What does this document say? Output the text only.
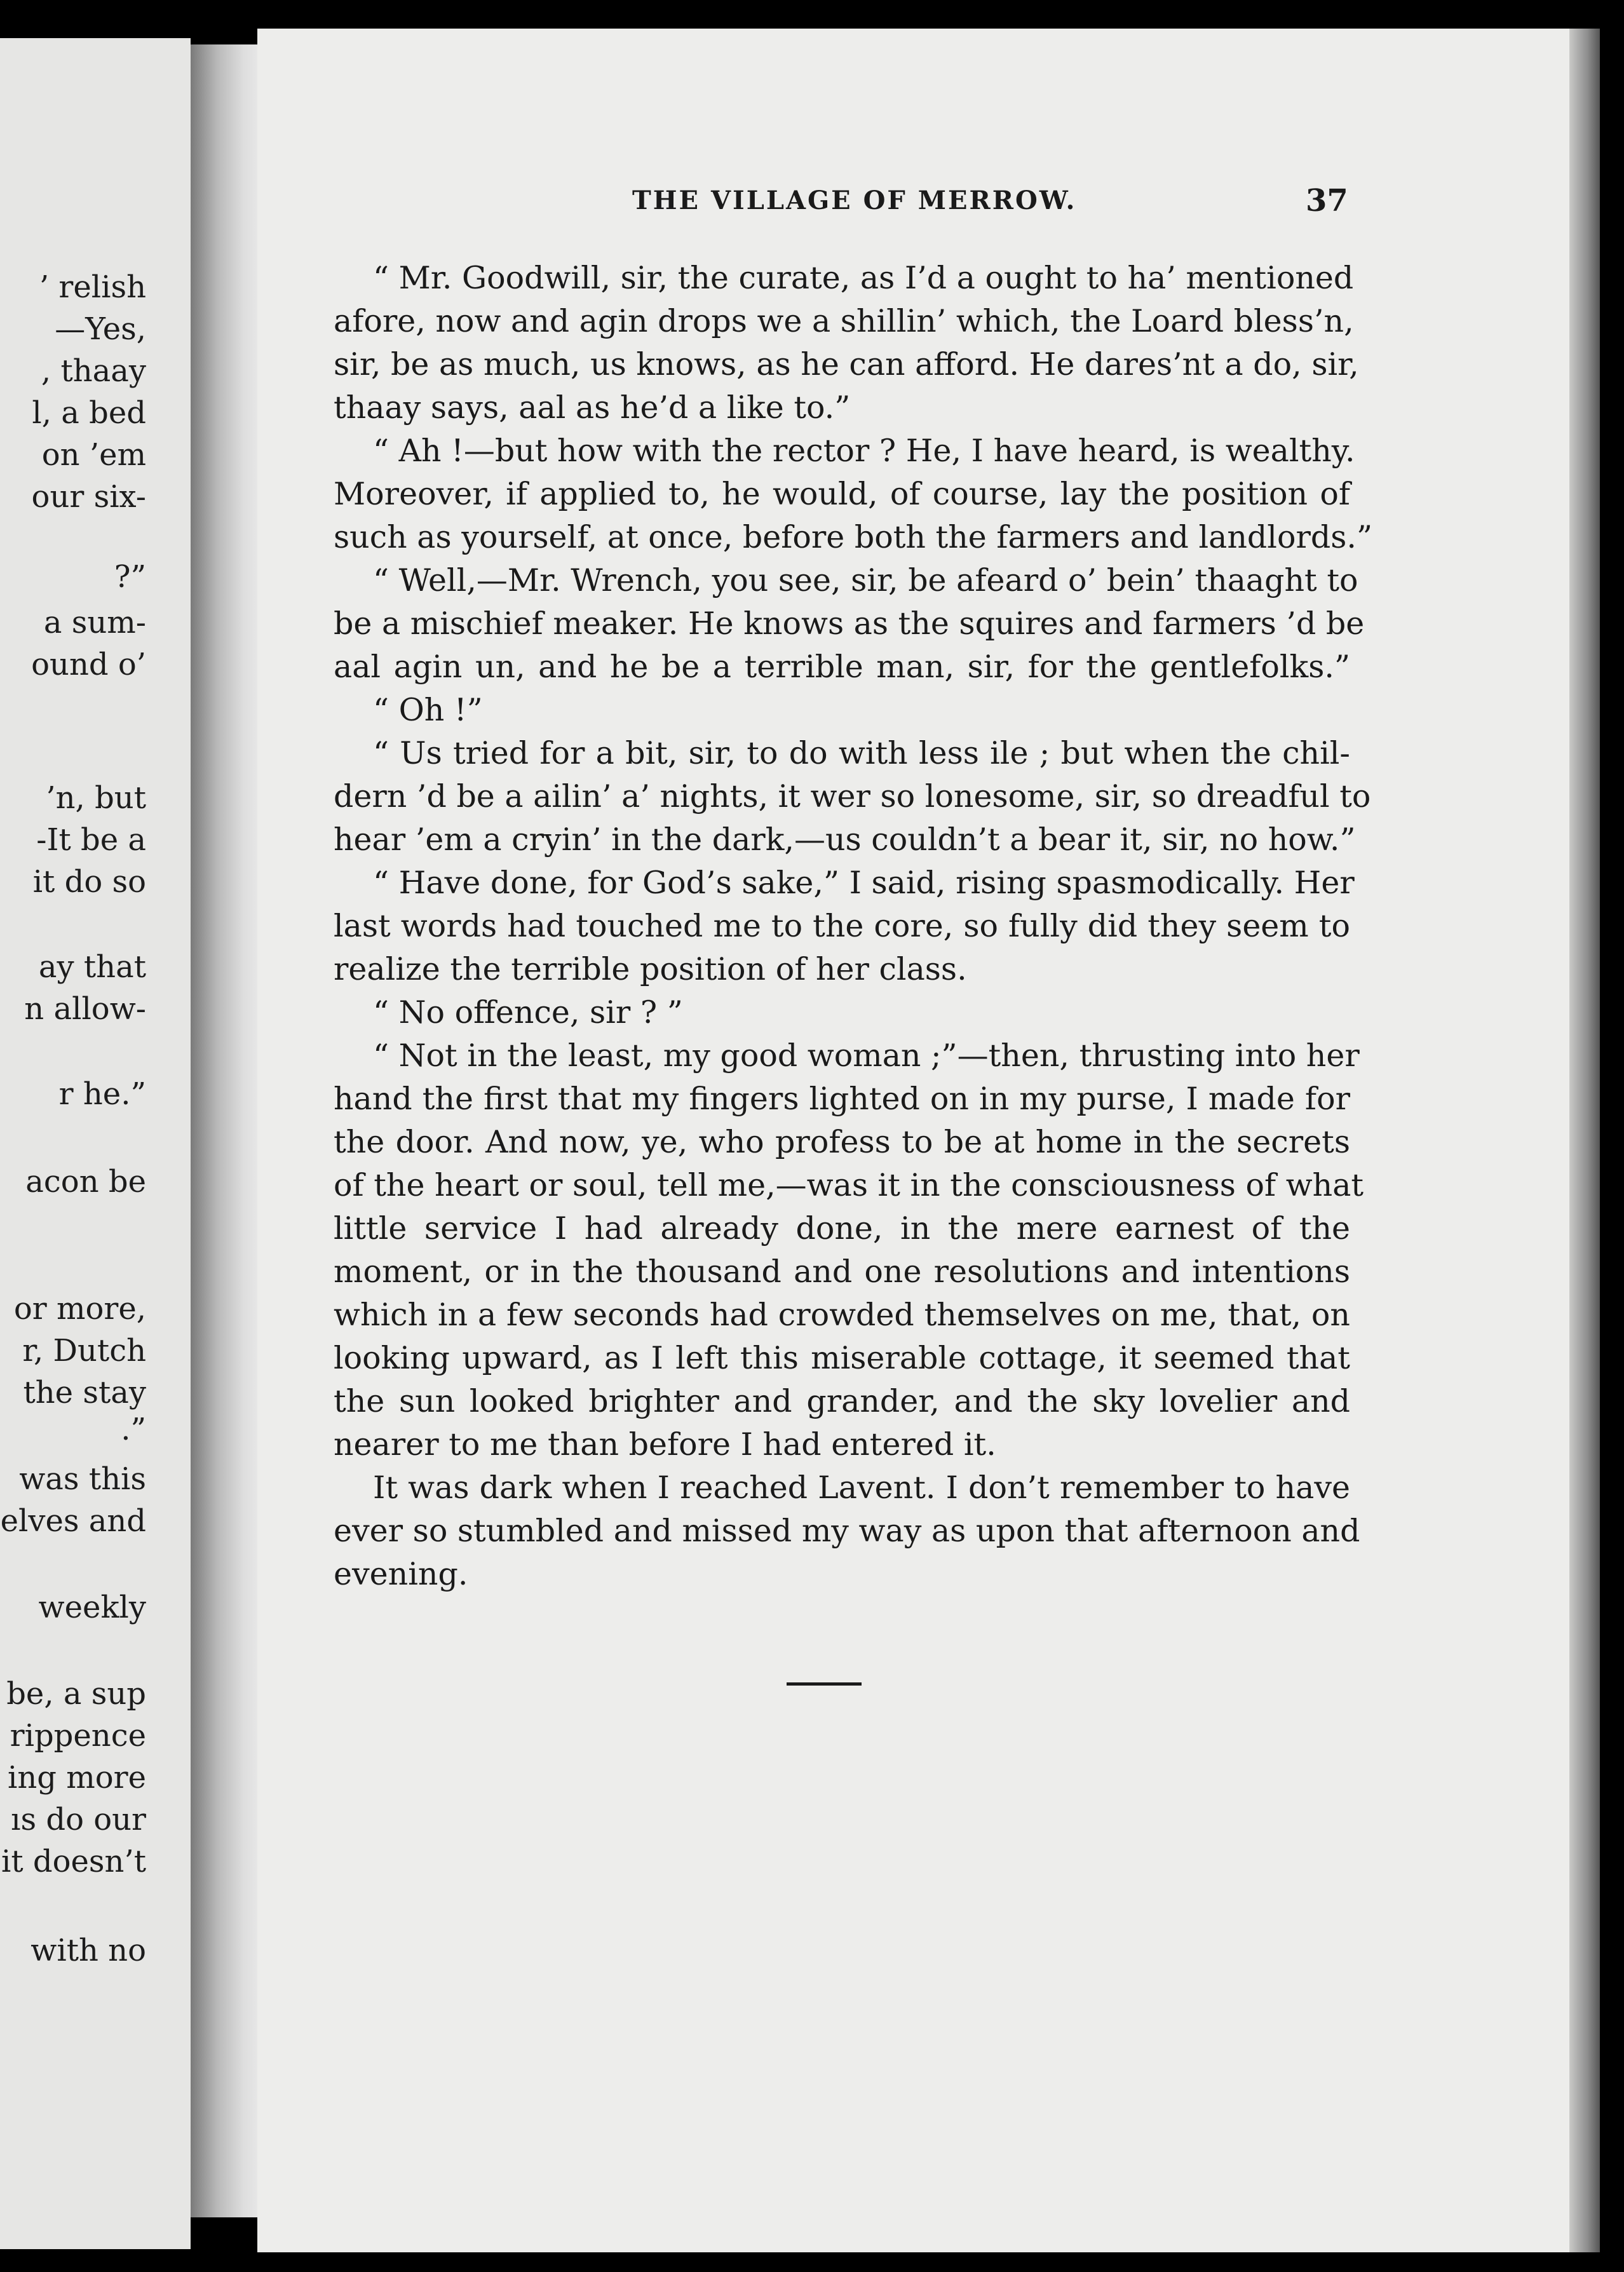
’ relish
—Yes,
, thaay
l, a bed
on ’em
our six-
?”
a sum-
ound o’
’n, but
-It be a
it do so
ay that
n allow-
r he.”
acon be
or more,
r, Dutch
the stay
.”
was this
elves and
weekly
be, a sup
rippence
ing more
ıs do our
it doesn’t
with no
THE VILLAGE OF MERROW.	37
“ Mr. Goodwill, sir, the curate, as I’d a ought to ha’ mentioned
afore, now and agin drops we a shillin’ which, the Loard bless’n,
sir, be as much, us knows, as he can afford. He dares’nt a do, sir,
thaay says, aal as he’d a like to.”
“ Ah !—but how with the rector ? He, I have heard, is wealthy.
Moreover, if applied to, he would, of course, lay the position of
such as yourself, at once, before both the farmers and landlords.”
“ Well,—Mr. Wrench, you see, sir, be afeard o’ bein’ thaaght to
be a mischief meaker. He knows as the squires and farmers ’d be
aal agin un, and he be a terrible man, sir, for the gentlefolks.”
“ Oh !”
“ Us tried for a bit, sir, to do with less ile ; but when the chil-
dern ’d be a ailin’ a’ nights, it wer so lonesome, sir, so dreadful to
hear ’em a cryin’ in the dark,—us couldn’t a bear it, sir, no how.”
“ Have done, for God’s sake,” I said, rising spasmodically. Her
last words had touched me to the core, so fully did they seem to
realize the terrible position of her class.
“ No offence, sir ? ”
“ Not in the least, my good woman ;”—then, thrusting into her
hand the first that my fingers lighted on in my purse, I made for
the door. And now, ye, who profess to be at home in the secrets
of the heart or soul, tell me,—was it in the consciousness of what
little service I had already done, in the mere earnest of the
moment, or in the thousand and one resolutions and intentions
which in a few seconds had crowded themselves on me, that, on
looking upward, as I left this miserable cottage, it seemed that
the sun looked brighter and grander, and the sky lovelier and
nearer to me than before I had entered it.
It was dark when I reached Lavent. I don’t remember to have
ever so stumbled and missed my way as upon that afternoon and
evening.
